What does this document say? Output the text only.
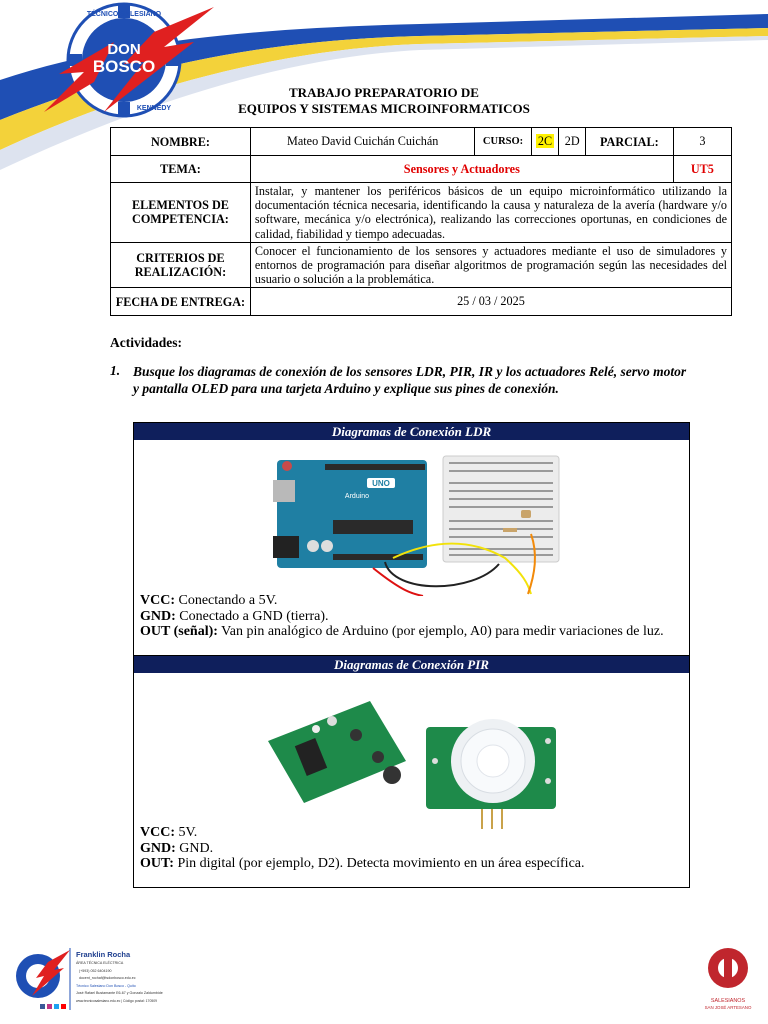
DON
BOSCO
TÉCNICO SALESIANO
KENNEDY
TRABAJO PREPARATORIO DE
EQUIPOS Y SISTEMAS MICROINFORMATICOS
NOMBRE:	Mateo David Cuichán Cuichán	CURSO:	2C	2D	PARCIAL:	3
TEMA:	Sensores y Actuadores					UT5
ELEMENTOS DE COMPETENCIA:	Instalar, y mantener los periféricos básicos de un equipo microinformático utilizando la documentación técnica necesaria, identificando la causa y naturaleza de la avería (hardware y/o software, mecánica y/o electrónica), realizando las correcciones oportunas, en condiciones de calidad, fiabilidad y tiempo adecuadas.					
CRITERIOS DE REALIZACIÓN:	Conocer el funcionamiento de los sensores y actuadores mediante el uso de simuladores y entornos de programación para diseñar algoritmos de programación según las necesidades del usuario o solución a la problemática.					
FECHA DE ENTREGA:	25 / 03 / 2025					
Actividades:
1. Busque los diagramas de conexión de los sensores LDR, PIR, IR y los actuadores Relé, servo motor y pantalla OLED para una tarjeta Arduino y explique sus pines de conexión.
Diagramas de Conexión LDR
UNO
Arduino
VCC: Conectando a 5V.
GND: Conectado a GND (tierra).
OUT (señal): Van pin analógico de Arduino (por ejemplo, A0) para medir variaciones de luz.
Diagramas de Conexión PIR
VCC: 5V.
GND: GND.
OUT: Pin digital (por ejemplo, D2). Detecta movimiento en un área específica.
Franklin Rocha
ÁREA TÉCNICA ELÉCTRICA
(+593) 052 6404190
docent_rochaf@tsdonbosco.edu.ec
Técnico Salesiano Don Bosco - Quito
José Rafael Bustamante E6-67 y Gonzalo Zaldumbide
www.tecnicosalesiano.edu.ec | Código postal: 170509	SALESIANOS
SAN JOSÉ ARTESANO
